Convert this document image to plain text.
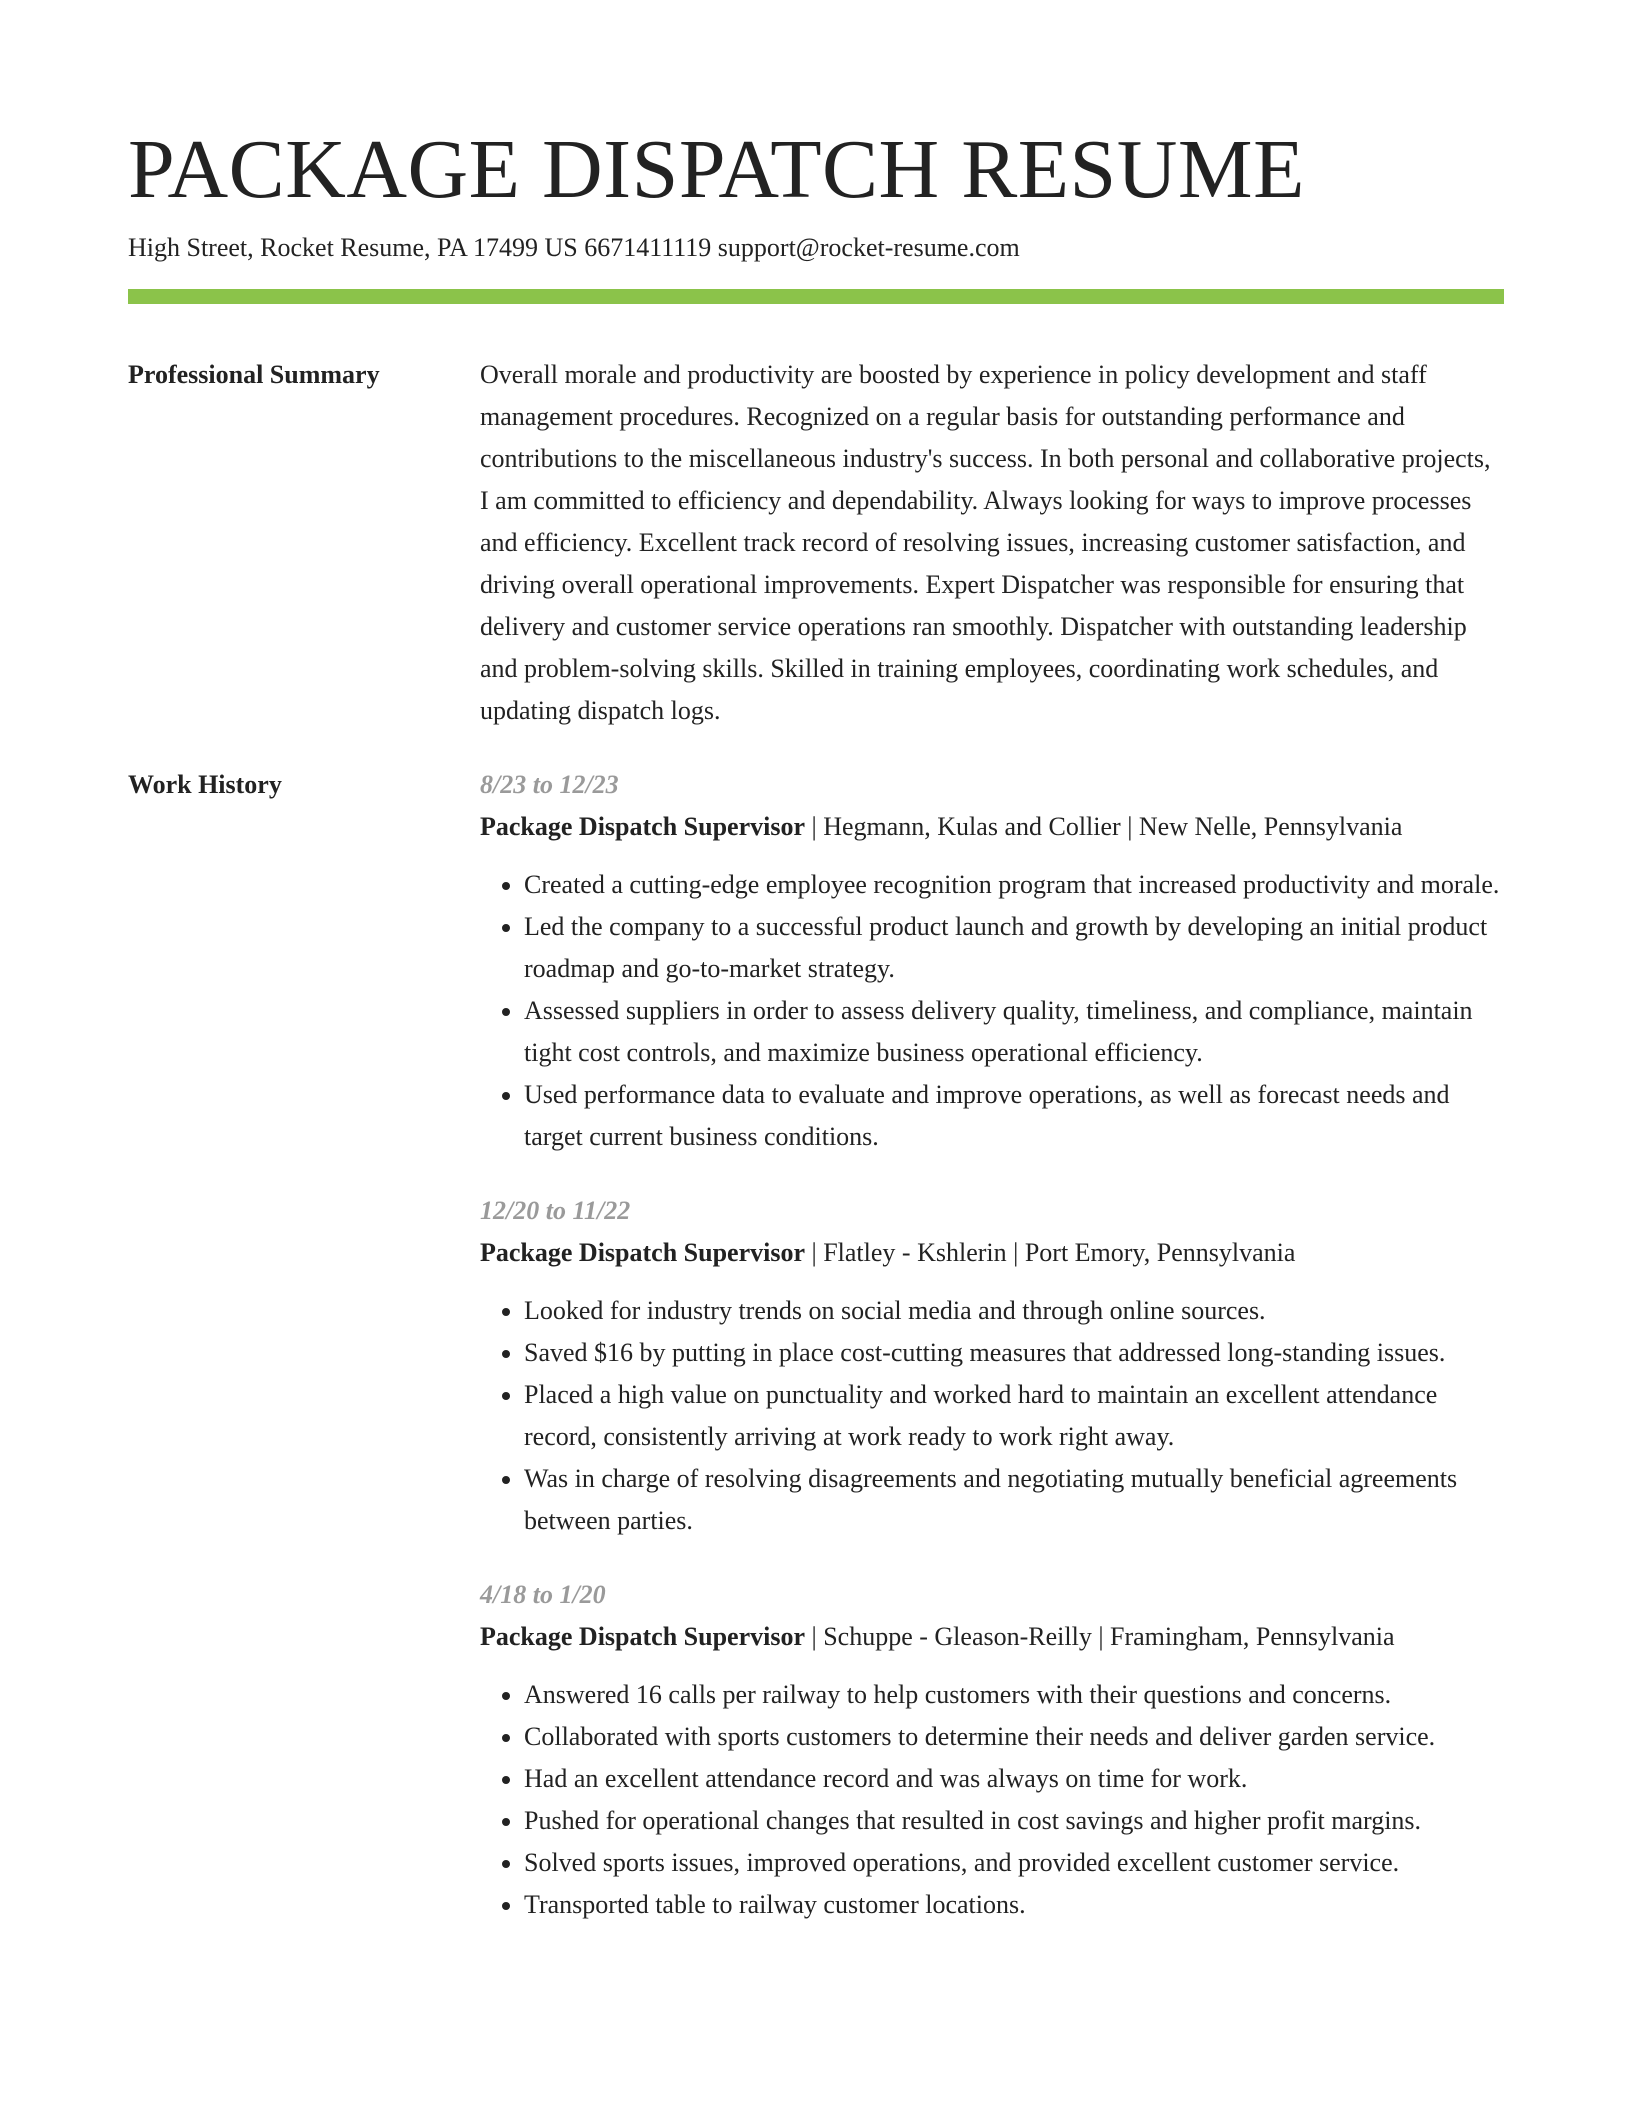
PACKAGE DISPATCH RESUME
High Street, Rocket Resume, PA 17499 US 6671411119 support@rocket-resume.com
Professional Summary	Overall morale and productivity are boosted by experience in policy development and staff management procedures. Recognized on a regular basis for outstanding performance and contributions to the miscellaneous industry's success. In both personal and collaborative projects, I am committed to efficiency and dependability. Always looking for ways to improve processes and efficiency. Excellent track record of resolving issues, increasing customer satisfaction, and driving overall operational improvements. Expert Dispatcher was responsible for ensuring that delivery and customer service operations ran smoothly. Dispatcher with outstanding leadership and problem-solving skills. Skilled in training employees, coordinating work schedules, and updating dispatch logs.

Work History	8/23 to 12/23

Package Dispatch Supervisor | Hegmann, Kulas and Collier | New Nelle, Pennsylvania

• Created a cutting-edge employee recognition program that increased productivity and morale.
• Led the company to a successful product launch and growth by developing an initial product roadmap and go-to-market strategy.
• Assessed suppliers in order to assess delivery quality, timeliness, and compliance, maintain tight cost controls, and maximize business operational efficiency.
• Used performance data to evaluate and improve operations, as well as forecast needs and target current business conditions.
12/20 to 11/22

Package Dispatch Supervisor | Flatley - Kshlerin | Port Emory, Pennsylvania

• Looked for industry trends on social media and through online sources.
• Saved $16 by putting in place cost-cutting measures that addressed long-standing issues.
• Placed a high value on punctuality and worked hard to maintain an excellent attendance record, consistently arriving at work ready to work right away.
• Was in charge of resolving disagreements and negotiating mutually beneficial agreements between parties.
4/18 to 1/20

Package Dispatch Supervisor | Schuppe - Gleason-Reilly | Framingham, Pennsylvania

• Answered 16 calls per railway to help customers with their questions and concerns.
• Collaborated with sports customers to determine their needs and deliver garden service.
• Had an excellent attendance record and was always on time for work.
• Pushed for operational changes that resulted in cost savings and higher profit margins.
• Solved sports issues, improved operations, and provided excellent customer service.
• Transported table to railway customer locations.
